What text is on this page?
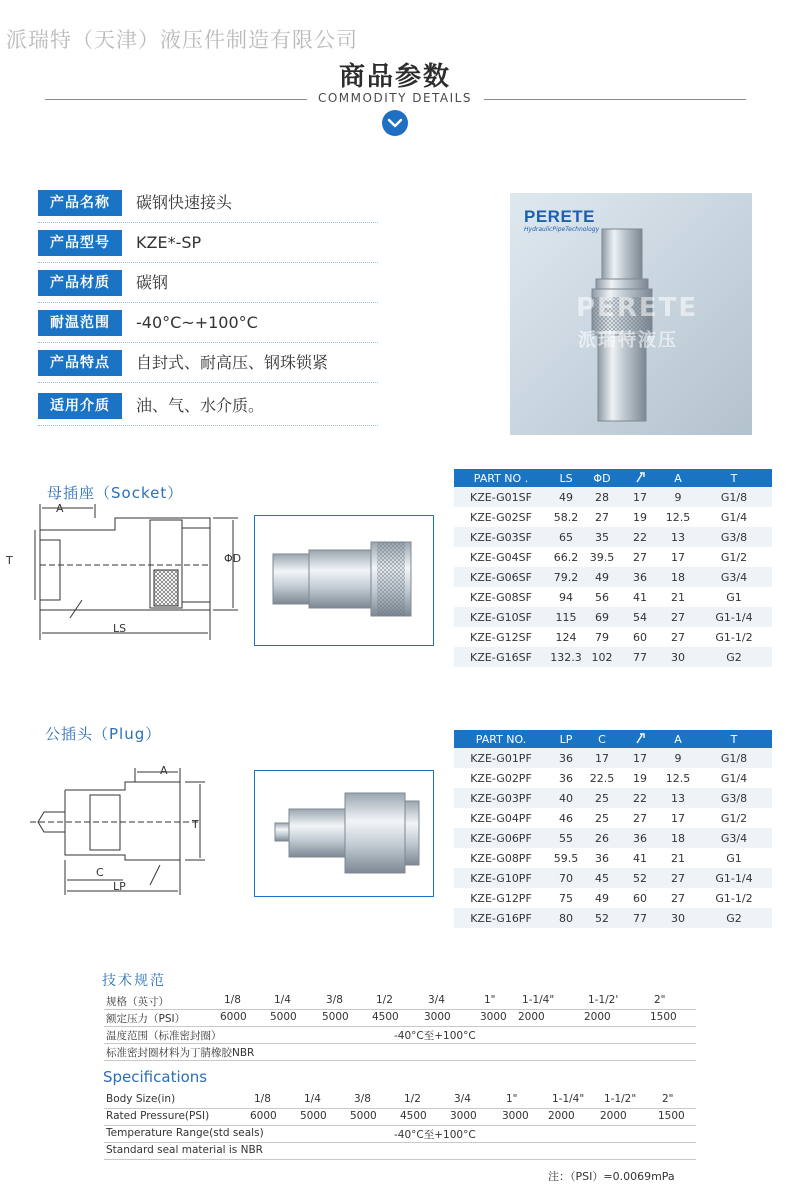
派瑞特（天津）液压件制造有限公司
商品参数
COMMODITY DETAILS
产品名称	碳钢快速接头
产品型号	KZE*-SP
产品材质	碳钢
耐温范围	-40°C~+100°C
产品特点	自封式、耐高压、钢珠锁紧
适用介质	油、气、水介质。
PERETE
HydraulicPipeTechnology
PERETE
派瑞特液压
母插座（Socket）
A
T
LS
ΦD
PART NO .	LS	ΦD		A	T
KZE-G01SF	49	28	17	9	G1/8
KZE-G02SF	58.2	27	19	12.5	G1/4
KZE-G03SF	65	35	22	13	G3/8
KZE-G04SF	66.2	39.5	27	17	G1/2
KZE-G06SF	79.2	49	36	18	G3/4
KZE-G08SF	94	56	41	21	G1
KZE-G10SF	115	69	54	27	G1-1/4
KZE-G12SF	124	79	60	27	G1-1/2
KZE-G16SF	132.3	102	77	30	G2
公插头（Plug）
A
T
C
LP
PART NO.	LP	C		A	T
KZE-G01PF	36	17	17	9	G1/8
KZE-G02PF	36	22.5	19	12.5	G1/4
KZE-G03PF	40	25	22	13	G3/8
KZE-G04PF	46	25	27	17	G1/2
KZE-G06PF	55	26	36	18	G3/4
KZE-G08PF	59.5	36	41	21	G1
KZE-G10PF	70	45	52	27	G1-1/4
KZE-G12PF	75	49	60	27	G1-1/2
KZE-G16PF	80	52	77	30	G2
技术规范
规格（英寸）	1/8	1/4	3/8	1/2	3/4	1"	1-1/4"	1-1/2'	2"
额定压力（PSI）	6000 5000 5000 4500 3000	3000 2000	2000	1500
温度范围（标准密封圈）	-40°C至+100°C
标准密封圈材料为丁腈橡胶NBR
Specifications
Body Size(in)	1/8	1/4	3/8	1/2	3/4	1"	1-1/4" 1-1/2" 2"
Rated Pressure(PSI)	6000 5000 5000 4500 3000 3000 2000 2000	1500
Temperature Range(std seals)	-40°C至+100°C
Standard seal material is NBR
注：（PSI）=0.0069mPa
